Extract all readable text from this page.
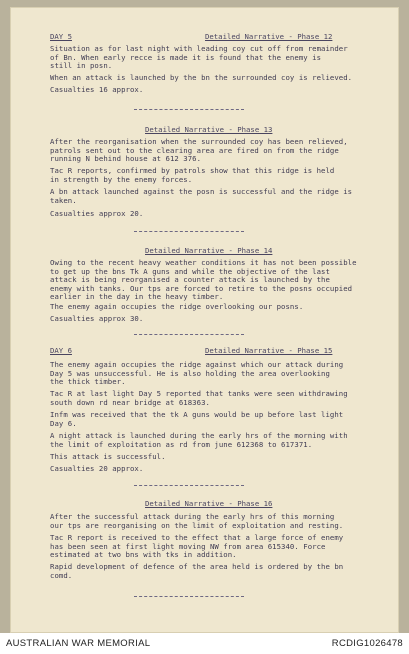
DAY 5	Detailed Narrative - Phase 12
Situation as for last night with leading coy cut off from remainder
of Bn. When early recce is made it is found that the enemy is
still in posn.
When an attack is launched by the bn the surrounded coy is relieved.
Casualties 16 approx.
Detailed Narrative - Phase 13
After the reorganisation when the surrounded coy has been relieved,
patrols sent out to the clearing area are fired on from the ridge
running N behind house at 612 376.
Tac R reports, confirmed by patrols show that this ridge is held
in strength by the enemy forces.
A bn attack launched against the posn is successful and the ridge is
taken.
Casualties approx 20.
Detailed Narrative - Phase 14
Owing to the recent heavy weather conditions it has not been possible
to get up the bns Tk A guns and while the objective of the last
attack is being reorganised a counter attack is launched by the
enemy with tanks. Our tps are forced to retire to the posns occupied
earlier in the day in the heavy timber.
The enemy again occupies the ridge overlooking our posns.
Casualties approx 30.
DAY 6	Detailed Narrative - Phase 15
The enemy again occupies the ridge against which our attack during
Day 5 was unsuccessful. He is also holding the area overlooking
the thick timber.
Tac R at last light Day 5 reported that tanks were seen withdrawing
south down rd near bridge at 618363.
Infm was received that the tk A guns would be up before last light
Day 6.
A night attack is launched during the early hrs of the morning with
the limit of exploitation as rd from june 612368 to 617371.
This attack is successful.
Casualties 20 approx.
Detailed Narrative - Phase 16
After the successful attack during the early hrs of this morning
our tps are reorganising on the limit of exploitation and resting.
Tac R report is received to the effect that a large force of enemy
has been seen at first light moving NW from area 615340. Force
estimated at two bns with tks in addition.
Rapid development of defence of the area held is ordered by the bn
comd.
AUSTRALIAN WAR MEMORIAL	RCDIG1026478
